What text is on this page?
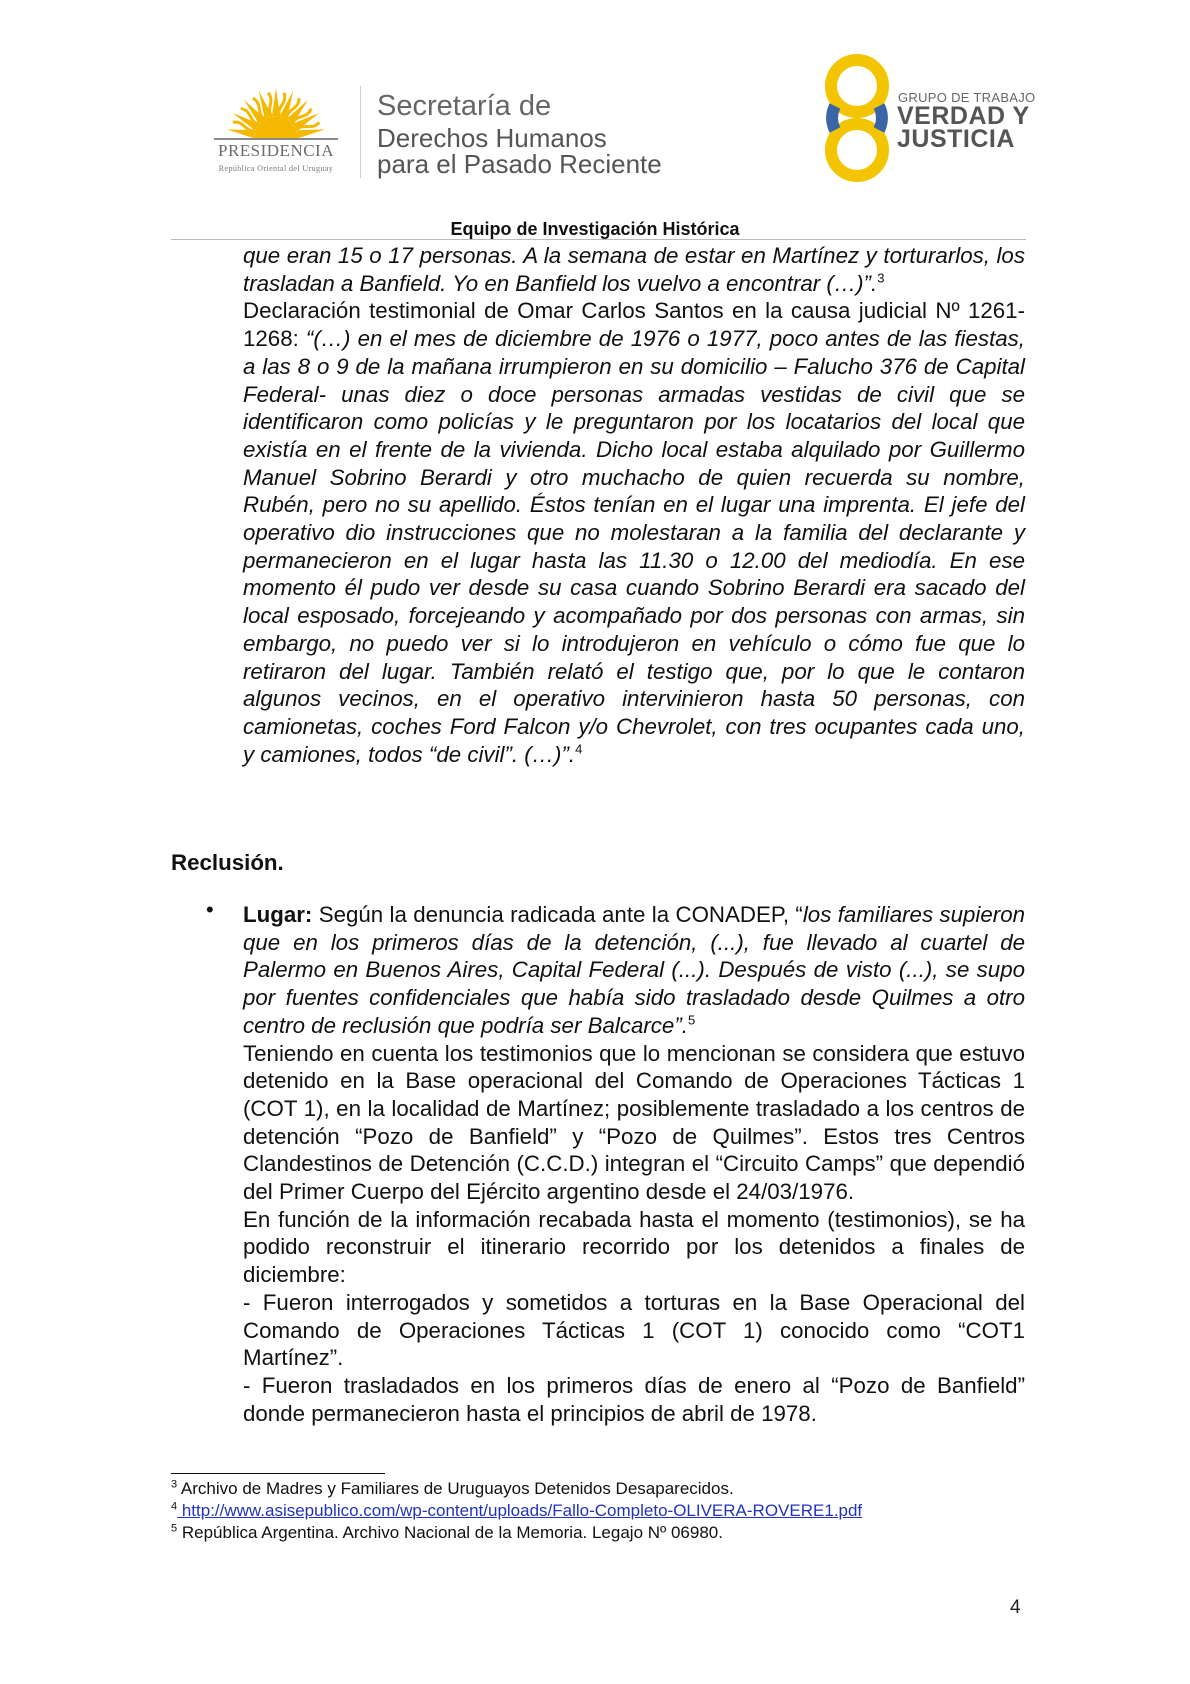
PRESIDENCIA
República Oriental del Uruguay
Secretaría de
Derechos Humanos
para el Pasado Reciente
GRUPO DE TRABAJO
VERDAD Y
JUSTICIA
Equipo de Investigación Histórica

que eran 15 o 17 personas. A la semana de estar en Martínez y torturarlos, los trasladan a Banfield. Yo en Banfield los vuelvo a encontrar (…)”.$^3$

Declaración testimonial de Omar Carlos Santos en la causa judicial Nº 1261-1268: “(…) en el mes de diciembre de 1976 o 1977, poco antes de las fiestas, a las 8 o 9 de la mañana irrumpieron en su domicilio – Falucho 376 de Capital Federal- unas diez o doce personas armadas vestidas de civil que se identificaron como policías y le preguntaron por los locatarios del local que existía en el frente de la vivienda. Dicho local estaba alquilado por Guillermo Manuel Sobrino Berardi y otro muchacho de quien recuerda su nombre, Rubén, pero no su apellido. Éstos tenían en el lugar una imprenta. El jefe del operativo dio instrucciones que no molestaran a la familia del declarante y permanecieron en el lugar hasta las 11.30 o 12.00 del mediodía. En ese momento él pudo ver desde su casa cuando Sobrino Berardi era sacado del local esposado, forcejeando y acompañado por dos personas con armas, sin embargo, no puedo ver si lo introdujeron en vehículo o cómo fue que lo retiraron del lugar. También relató el testigo que, por lo que le contaron algunos vecinos, en el operativo intervinieron hasta 50 personas, con camionetas, coches Ford Falcon y/o Chevrolet, con tres ocupantes cada uno, y camiones, todos “de civil”. (…)”.$^4$

Reclusión.
• Lugar: Según la denuncia radicada ante la CONADEP, “los familiares supieron que en los primeros días de la detención, (...), fue llevado al cuartel de Palermo en Buenos Aires, Capital Federal (...). Después de visto (...), se supo por fuentes confidenciales que había sido trasladado desde Quilmes a otro centro de reclusión que podría ser Balcarce”.$^5$

Teniendo en cuenta los testimonios que lo mencionan se considera que estuvo detenido en la Base operacional del Comando de Operaciones Tácticas 1 (COT 1), en la localidad de Martínez; posiblemente trasladado a los centros de detención “Pozo de Banfield” y “Pozo de Quilmes”. Estos tres Centros Clandestinos de Detención (C.C.D.) integran el “Circuito Camps” que dependió del Primer Cuerpo del Ejército argentino desde el 24/03/1976.

En función de la información recabada hasta el momento (testimonios), se ha podido reconstruir el itinerario recorrido por los detenidos a finales de diciembre:

- Fueron interrogados y sometidos a torturas en la Base Operacional del Comando de Operaciones Tácticas 1 (COT 1) conocido como “COT1 Martínez”.

- Fueron trasladados en los primeros días de enero al “Pozo de Banfield” donde permanecieron hasta el principios de abril de 1978.

$^3$ Archivo de Madres y Familiares de Uruguayos Detenidos Desaparecidos.
$^4$ http://www.asisepublico.com/wp-content/uploads/Fallo-Completo-OLIVERA-ROVERE1.pdf
$^5$ República Argentina. Archivo Nacional de la Memoria. Legajo Nº 06980.
4
